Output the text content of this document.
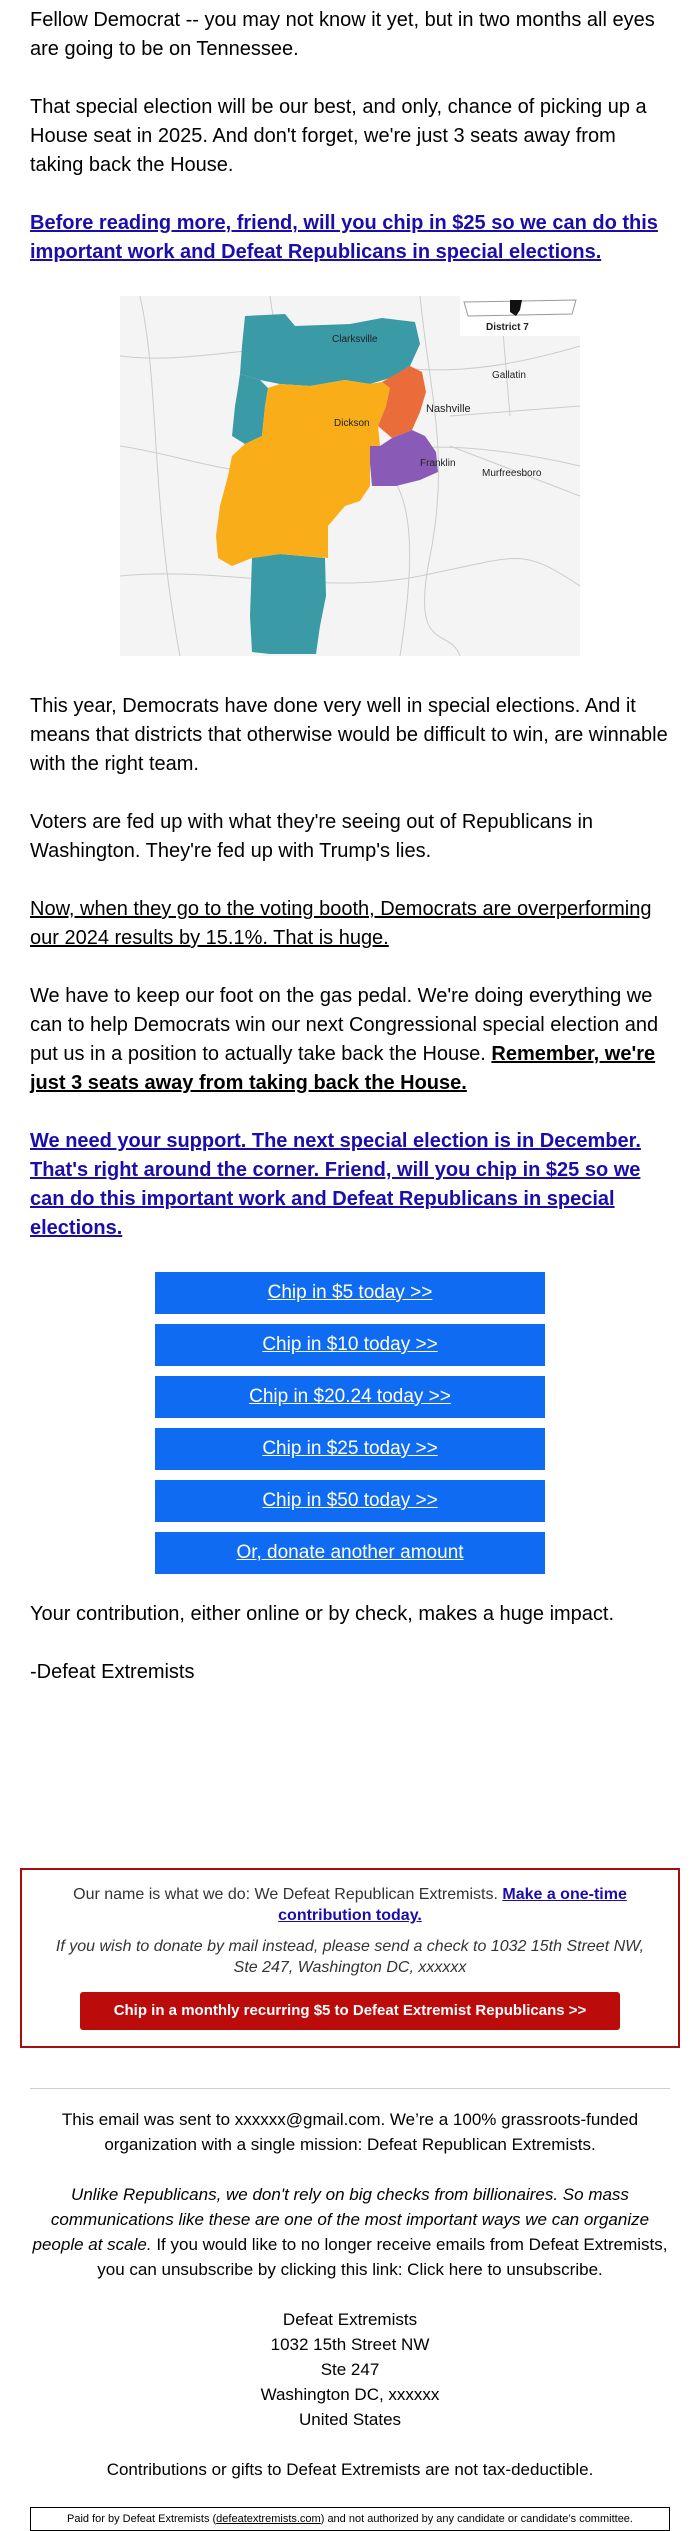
Fellow Democrat -- you may not know it yet, but in two months all eyes are going to be on Tennessee.

That special election will be our best, and only, chance of picking up a House seat in 2025. And don't forget, we're just 3 seats away from taking back the House.

Before reading more, friend, will you chip in $25 so we can do this important work and Defeat Republicans in special elections.

District 7
Clarksville
Gallatin
Dickson
Nashville
Franklin
Murfreesboro

This year, Democrats have done very well in special elections. And it means that districts that otherwise would be difficult to win, are winnable with the right team.

Voters are fed up with what they're seeing out of Republicans in Washington. They're fed up with Trump's lies.

Now, when they go to the voting booth, Democrats are overperforming our 2024 results by 15.1%. That is huge.

We have to keep our foot on the gas pedal. We're doing everything we can to help Democrats win our next Congressional special election and put us in a position to actually take back the House. Remember, we're just 3 seats away from taking back the House.

We need your support. The next special election is in December. That's right around the corner. Friend, will you chip in $25 so we can do this important work and Defeat Republicans in special elections.

Chip in $5 today >>
Chip in $10 today >>
Chip in $20.24 today >>
Chip in $25 today >>
Chip in $50 today >>
Or, donate another amount

Your contribution, either online or by check, makes a huge impact.

-Defeat Extremists

Our name is what we do: We Defeat Republican Extremists. Make a one-time contribution today.
If you wish to donate by mail instead, please send a check to 1032 15th Street NW, Ste 247, Washington DC, xxxxxx
Chip in a monthly recurring $5 to Defeat Extremist Republicans >>

This email was sent to xxxxxx@gmail.com. We’re a 100% grassroots-funded organization with a single mission: Defeat Republican Extremists.

Unlike Republicans, we don't rely on big checks from billionaires. So mass communications like these are one of the most important ways we can organize people at scale. If you would like to no longer receive emails from Defeat Extremists, you can unsubscribe by clicking this link: Click here to unsubscribe.

Defeat Extremists
1032 15th Street NW
Ste 247
Washington DC, xxxxxx
United States

Contributions or gifts to Defeat Extremists are not tax-deductible.

Paid for by Defeat Extremists (defeatextremists.com) and not authorized by any candidate or candidate’s committee.
